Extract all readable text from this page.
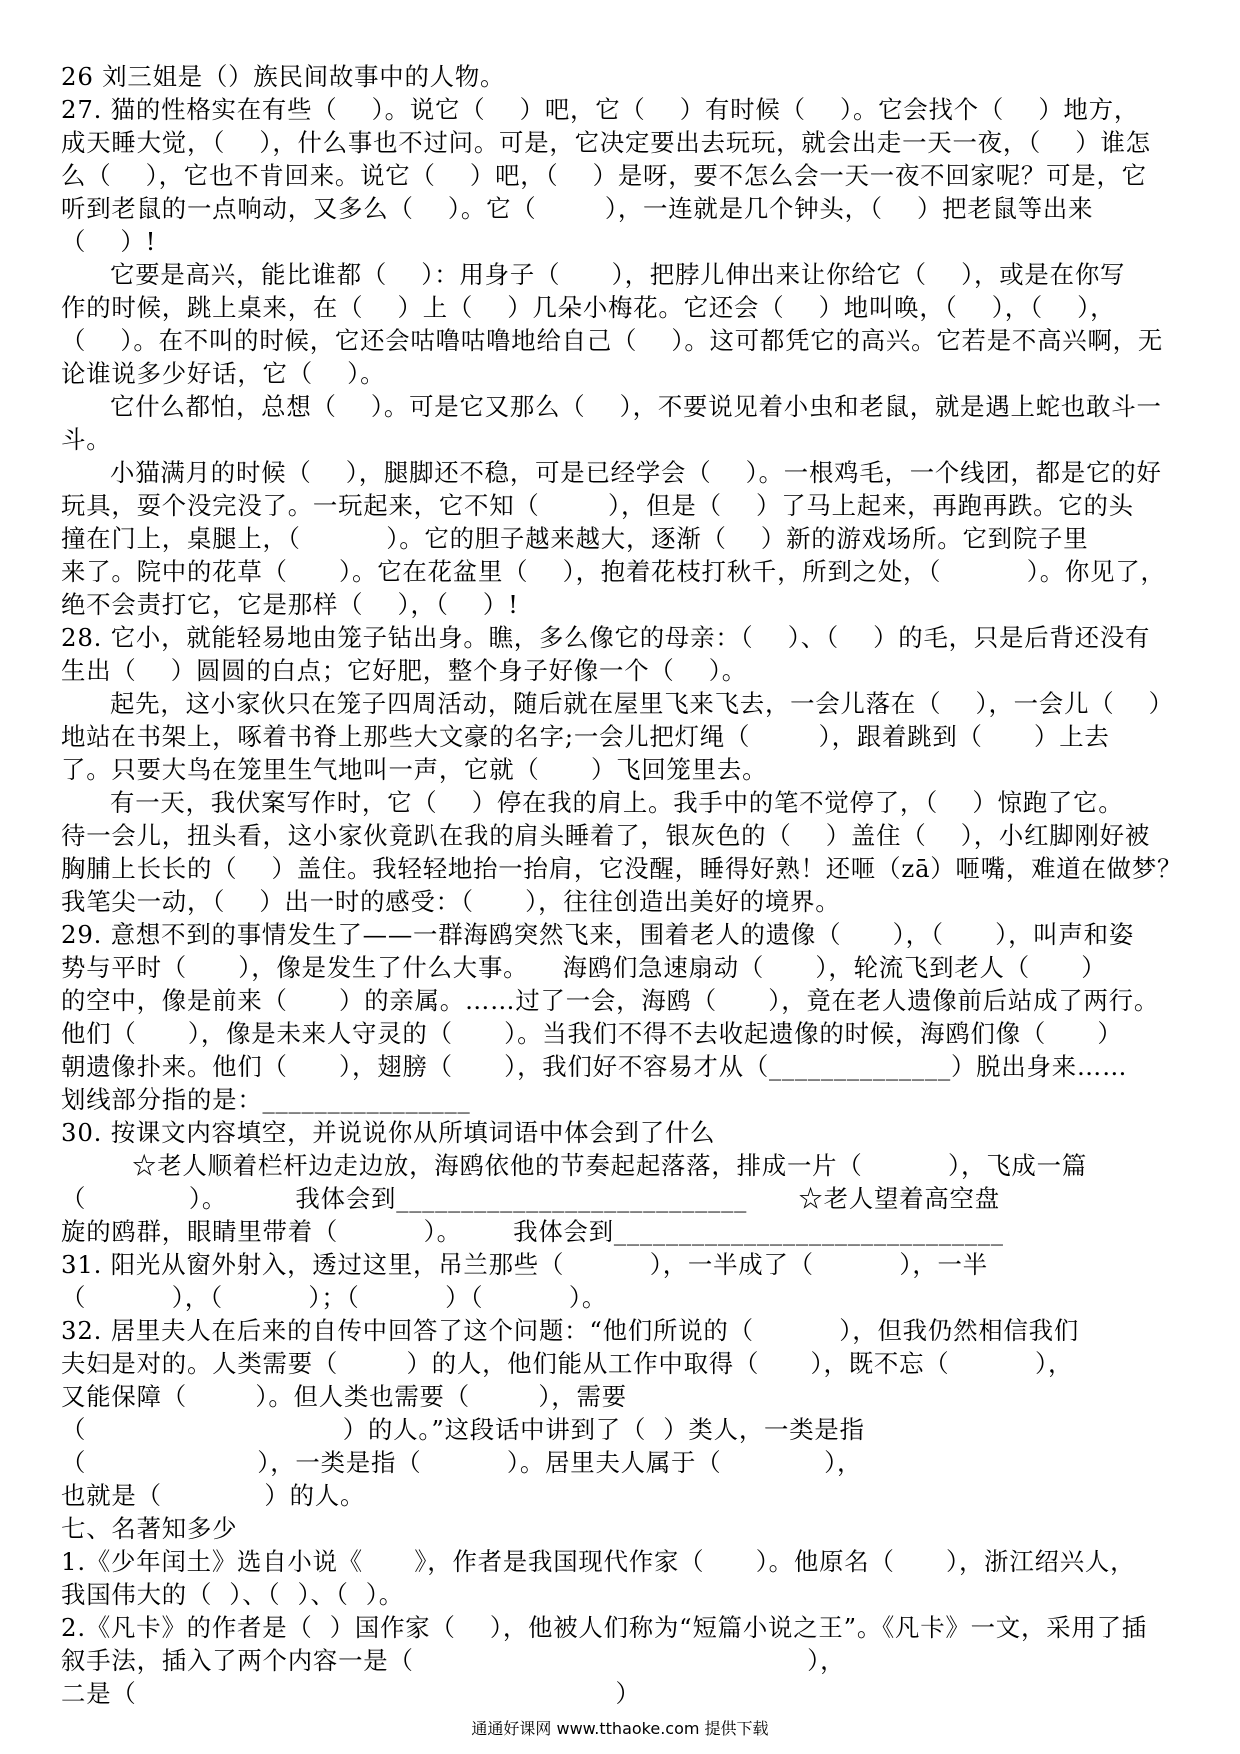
26 刘三姐是（）族民间故事中的人物。
27. 猫的性格实在有些（    ）。说它（    ）吧，它（    ）有时候（    ）。它会找个（    ）地方，
成天睡大觉，（    ），什么事也不过问。可是，它决定要出去玩玩，就会出走一天一夜，（    ）谁怎
么（    ），它也不肯回来。说它（    ）吧，（    ）是呀，要不怎么会一天一夜不回家呢？可是，它
听到老鼠的一点响动，又多么（    ）。它（        ），一连就是几个钟头，（    ）把老鼠等出来
（    ）!
它要是高兴，能比谁都（    ）：用身子（      ），把脖儿伸出来让你给它（    ），或是在你写
作的时候，跳上桌来，在（    ）上（    ）几朵小梅花。它还会（    ）地叫唤，（    ），（    ），
（    ）。在不叫的时候，它还会咕噜咕噜地给自己（    ）。这可都凭它的高兴。它若是不高兴啊，无
论谁说多少好话，它（    ）。
它什么都怕，总想（    ）。可是它又那么（    ），不要说见着小虫和老鼠，就是遇上蛇也敢斗一
斗。
小猫满月的时候（    ），腿脚还不稳，可是已经学会（    ）。一根鸡毛，一个线团，都是它的好
玩具，耍个没完没了。一玩起来，它不知（        ），但是（    ）了马上起来，再跑再跌。它的头
撞在门上，桌腿上，（          ）。它的胆子越来越大，逐渐（    ）新的游戏场所。它到院子里
来了。院中的花草（      ）。它在花盆里（    ），抱着花枝打秋千，所到之处，（          ）。你见了，
绝不会责打它，它是那样（    ），（    ）!
28. 它小，就能轻易地由笼子钻出身。瞧，多么像它的母亲：（    ）、（    ）的毛，只是后背还没有
生出（    ）圆圆的白点；它好肥，整个身子好像一个（    ）。
起先，这小家伙只在笼子四周活动，随后就在屋里飞来飞去，一会儿落在（    ），一会儿（    ）
地站在书架上，啄着书脊上那些大文豪的名字;一会儿把灯绳（        ），跟着跳到（      ）上去
了。只要大鸟在笼里生气地叫一声，它就（      ）飞回笼里去。
有一天，我伏案写作时，它（    ）停在我的肩上。我手中的笔不觉停了，（    ）惊跑了它。
待一会儿，扭头看，这小家伙竟趴在我的肩头睡着了，银灰色的（    ）盖住（    ），小红脚刚好被
胸脯上长长的（    ）盖住。我轻轻地抬一抬肩，它没醒，睡得好熟！还咂（zā）咂嘴，难道在做梦？
我笔尖一动，（    ）出一时的感受：（      ），往往创造出美好的境界。
29. 意想不到的事情发生了——一群海鸥突然飞来，围着老人的遗像（      ），（      ），叫声和姿
势与平时（      ），像是发生了什么大事。    海鸥们急速扇动（      ），轮流飞到老人（      ）
的空中，像是前来（      ）的亲属。……过了一会，海鸥（      ），竟在老人遗像前后站成了两行。
他们（      ），像是未来人守灵的（      ）。当我们不得不去收起遗像的时候，海鸥们像（      ）
朝遗像扑来。他们（      ），翅膀（      ），我们好不容易才从（______________）脱出身来……
划线部分指的是：________________
30. 按课文内容填空，并说说你从所填词语中体会到了什么
☆老人顺着栏杆边走边放，海鸥依他的节奏起起落落，排成一片（          ），飞成一篇
（            ）。        我体会到___________________________      ☆老人望着高空盘
旋的鸥群，眼睛里带着（          ）。      我体会到______________________________
31. 阳光从窗外射入，透过这里，吊兰那些（          ），一半成了（          ），一半
（          ），（          ）；（          ）（          ）。
32. 居里夫人在后来的自传中回答了这个问题：“他们所说的（          ），但我仍然相信我们
夫妇是对的。人类需要（        ）的人，他们能从工作中取得（      ），既不忘（          ），
又能保障（        ）。但人类也需要（        ），需要
（                              ）的人。”这段话中讲到了（  ）类人，一类是指
（                    ），一类是指（          ）。居里夫人属于（            ），
也就是（            ）的人。
七、名著知多少
1.《少年闰土》选自小说《      》，作者是我国现代作家（      ）。他原名（      ），浙江绍兴人，
我国伟大的（  ）、（  ）、（  ）。
2.《凡卡》的作者是（  ）国作家（    ），他被人们称为“短篇小说之王”。《凡卡》一文，采用了插
叙手法，插入了两个内容一是（                                              ），
二是（                                                        ）
通通好课网 www.tthaoke.com 提供下载
